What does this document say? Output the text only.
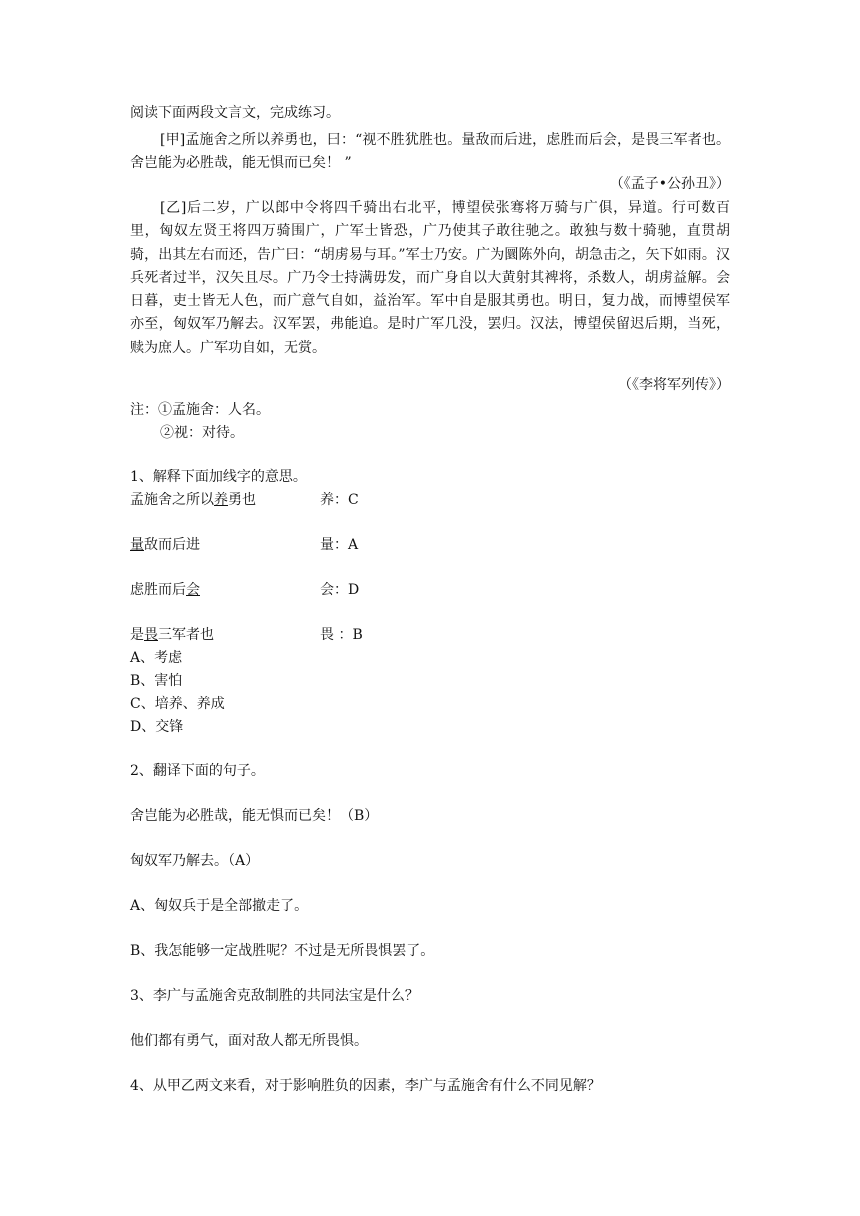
阅读下面两段文言文，完成练习。

[甲]孟施舍之所以养勇也，曰：“视不胜犹胜也。量敌而后进，虑胜而后会，是畏三军者也。舍岂能为必胜哉，能无惧而已矣！ ”

（《孟子•公孙丑》）

[乙]后二岁，广以郎中令将四千骑出右北平，博望侯张骞将万骑与广俱，异道。行可数百里，匈奴左贤王将四万骑围广，广军士皆恐，广乃使其子敢往驰之。敢独与数十骑驰，直贯胡骑，出其左右而还，告广曰：“胡虏易与耳。”军士乃安。广为圜陈外向，胡急击之，矢下如雨。汉兵死者过半，汉矢且尽。广乃令士持满毋发，而广身自以大黄射其裨将，杀数人，胡虏益解。会日暮，吏士皆无人色，而广意气自如，益治军。军中自是服其勇也。明日，复力战，而博望侯军亦至，匈奴军乃解去。汉军罢，弗能追。是时广军几没，罢归。汉法，博望侯留迟后期，当死，赎为庶人。广军功自如，无赏。

（《李将军列传》）
注：①孟施舍：人名。
②视：对待。
1、解释下面加线字的意思。
孟施舍之所以养勇也	养：C
量敌而后进	量：A
虑胜而后会	会：D
是畏三军者也	畏 ：B
A、考虑
B、害怕
C、培养、养成
D、交锋
2、翻译下面的句子。
舍岂能为必胜哉，能无惧而已矣！（B）
匈奴军乃解去。（A）
A、匈奴兵于是全部撤走了。
B、我怎能够一定战胜呢？不过是无所畏惧罢了。
3、李广与孟施舍克敌制胜的共同法宝是什么？
他们都有勇气，面对敌人都无所畏惧。
4、从甲乙两文来看，对于影响胜负的因素，李广与孟施舍有什么不同见解？
